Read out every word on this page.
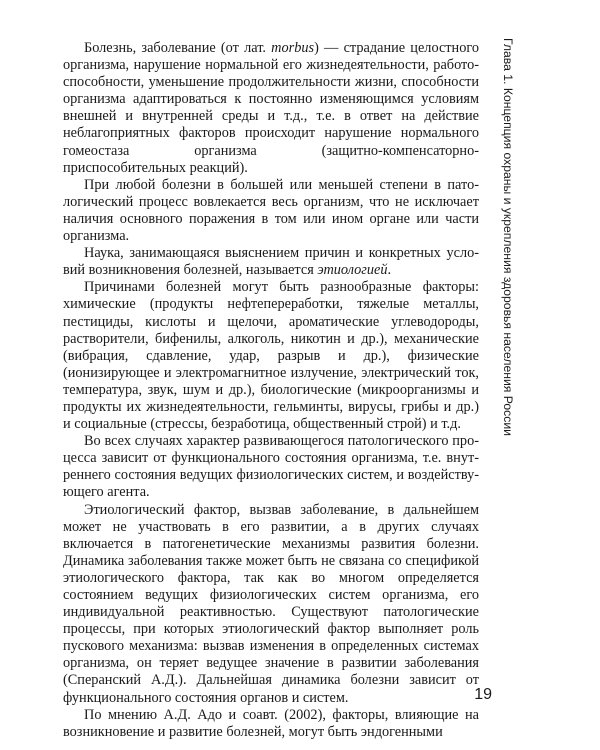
Болезнь, заболевание (от лат. morbus) — страдание целостного организма, нарушение нормальной его жизнедеятельности, работоспособности, уменьшение продолжительности жизни, способности организма адаптироваться к постоянно изменяющимся условиям внешней и внутренней среды и т.д., т.е. в ответ на действие неблагоприятных факторов происходит нарушение нормального гомеостаза организма (защитно-компенсаторно-приспособительных реакций).

При любой болезни в большей или меньшей степени в патологический процесс вовлекается весь организм, что не исключает наличия основного поражения в том или ином органе или части организма.

Наука, занимающаяся выяснением причин и конкретных условий возникновения болезней, называется этиологией.

Причинами болезней могут быть разнообразные факторы: химические (продукты нефтепереработки, тяжелые металлы, пестициды, кислоты и щелочи, ароматические углеводороды, растворители, бифенилы, алкоголь, никотин и др.), механические (вибрация, сдавление, удар, разрыв и др.), физические (ионизирующее и электромагнитное излучение, электрический ток, температура, звук, шум и др.), биологические (микроорганизмы и продукты их жизнедеятельности, гельминты, вирусы, грибы и др.) и социальные (стрессы, безработица, общественный строй) и т.д.

Во всех случаях характер развивающегося патологического процесса зависит от функционального состояния организма, т.е. внутреннего состояния ведущих физиологических систем, и воздействующего агента.

Этиологический фактор, вызвав заболевание, в дальнейшем может не участвовать в его развитии, а в других случаях включается в патогенетические механизмы развития болезни. Динамика заболевания также может быть не связана со спецификой этиологического фактора, так как во многом определяется состоянием ведущих физиологических систем организма, его индивидуальной реактивностью. Существуют патологические процессы, при которых этиологический фактор выполняет роль пускового механизма: вызвав изменения в определенных системах организма, он теряет ведущее значение в развитии заболевания (Сперанский А.Д.). Дальнейшая динамика болезни зависит от функционального состояния органов и систем.

По мнению А.Д. Адо и соавт. (2002), факторы, влияющие на возникновение и развитие болезней, могут быть эндогенными

Глава 1. Концепция охраны и укрепления здоровья населения России
19
